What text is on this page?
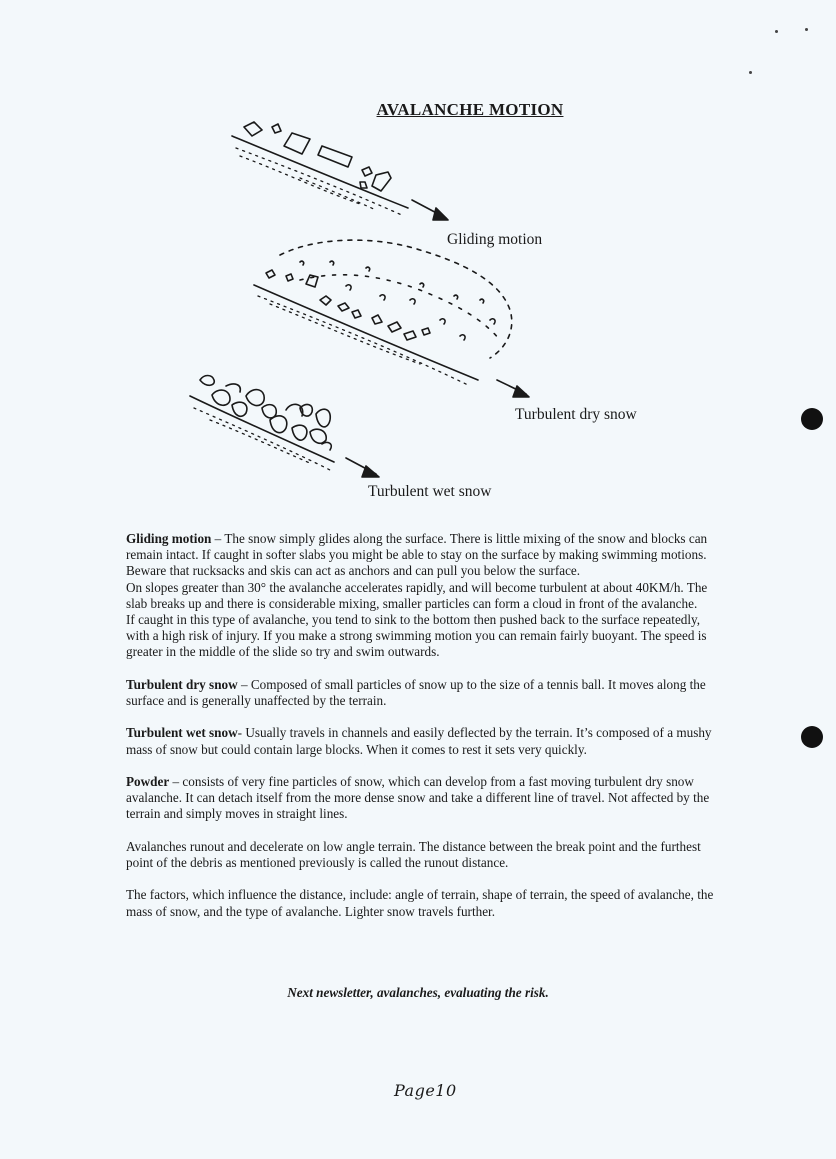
AVALANCHE MOTION
Gliding motion
Turbulent dry snow
Turbulent wet snow

Gliding motion – The snow simply glides along the surface. There is little mixing of the snow and blocks can remain intact. If caught in softer slabs you might be able to stay on the surface by making swimming motions. Beware that rucksacks and skis can act as anchors and can pull you below the surface.

On slopes greater than 30° the avalanche accelerates rapidly, and will become turbulent at about 40KM/h. The slab breaks up and there is considerable mixing, smaller particles can form a cloud in front of the avalanche.

If caught in this type of avalanche, you tend to sink to the bottom then pushed back to the surface repeatedly, with a high risk of injury. If you make a strong swimming motion you can remain fairly buoyant. The speed is greater in the middle of the slide so try and swim outwards.

Turbulent dry snow – Composed of small particles of snow up to the size of a tennis ball. It moves along the surface and is generally unaffected by the terrain.

Turbulent wet snow- Usually travels in channels and easily deflected by the terrain. It’s composed of a mushy mass of snow but could contain large blocks. When it comes to rest it sets very quickly.

Powder – consists of very fine particles of snow, which can develop from a fast moving turbulent dry snow avalanche. It can detach itself from the more dense snow and take a different line of travel. Not affected by the terrain and simply moves in straight lines.

Avalanches runout and decelerate on low angle terrain. The distance between the break point and the furthest point of the debris as mentioned previously is called the runout distance.

The factors, which influence the distance, include: angle of terrain, shape of terrain, the speed of avalanche, the mass of snow, and the type of avalanche. Lighter snow travels further.

Next newsletter, avalanches, evaluating the risk.
Page10
